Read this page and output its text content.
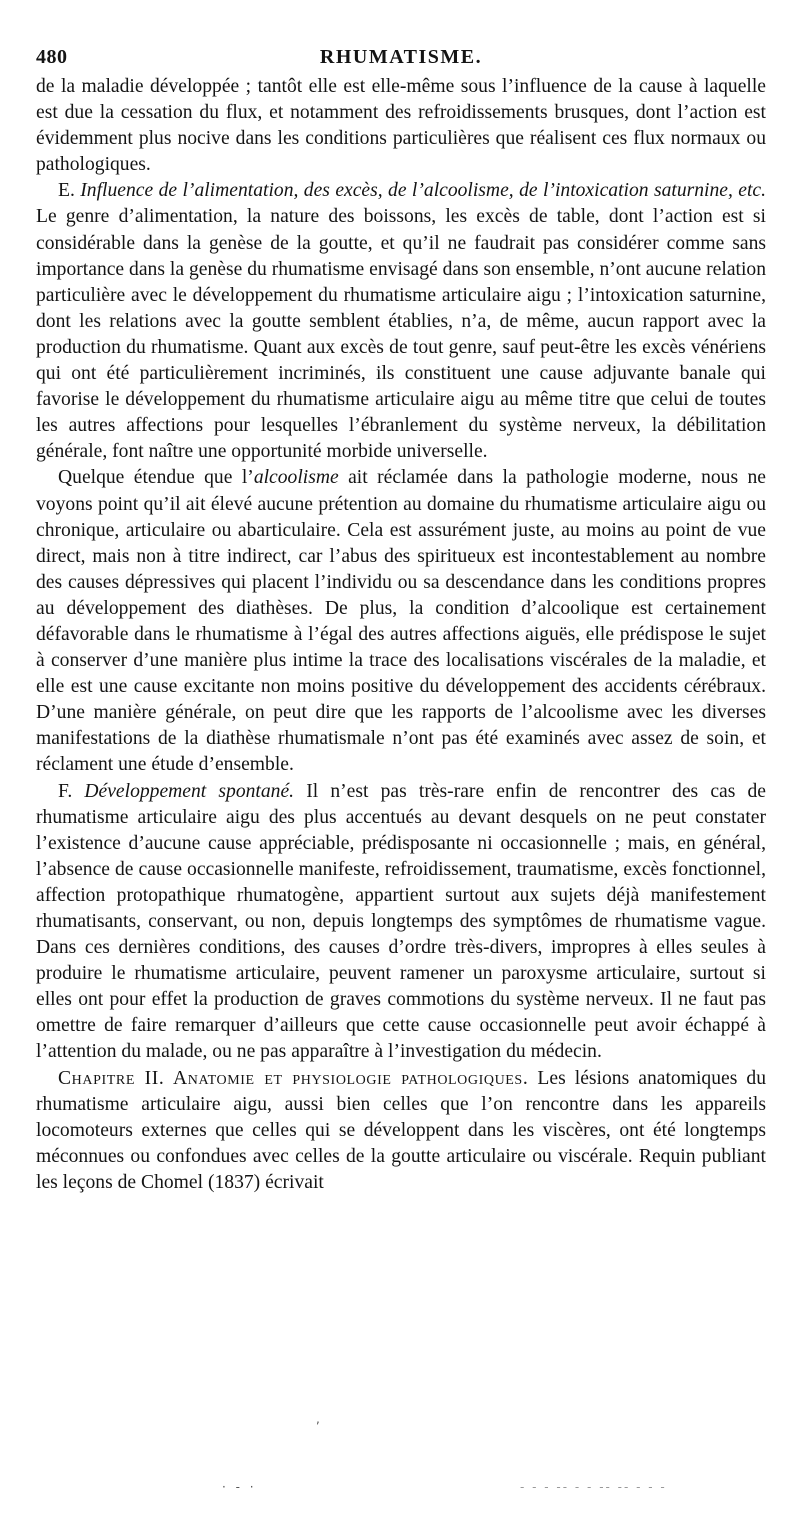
480	RHUMATISME.

de la maladie développée ; tantôt elle est elle-même sous l’influence de la cause à laquelle est due la cessation du flux, et notamment des refroidissements brusques, dont l’action est évidemment plus nocive dans les conditions particulières que réalisent ces flux normaux ou pathologiques.

E. Influence de l’alimentation, des excès, de l’alcoolisme, de l’intoxication saturnine, etc. Le genre d’alimentation, la nature des boissons, les excès de table, dont l’action est si considérable dans la genèse de la goutte, et qu’il ne faudrait pas considérer comme sans importance dans la genèse du rhumatisme envisagé dans son ensemble, n’ont aucune relation particulière avec le développement du rhumatisme articulaire aigu ; l’intoxication saturnine, dont les relations avec la goutte semblent établies, n’a, de même, aucun rapport avec la production du rhumatisme. Quant aux excès de tout genre, sauf peut-être les excès vénériens qui ont été particulièrement incriminés, ils constituent une cause adjuvante banale qui favorise le développement du rhumatisme articulaire aigu au même titre que celui de toutes les autres affections pour lesquelles l’ébranlement du système nerveux, la débilitation générale, font naître une opportunité morbide universelle.

Quelque étendue que l’alcoolisme ait réclamée dans la pathologie moderne, nous ne voyons point qu’il ait élevé aucune prétention au domaine du rhumatisme articulaire aigu ou chronique, articulaire ou abarticulaire. Cela est assurément juste, au moins au point de vue direct, mais non à titre indirect, car l’abus des spiritueux est incontestablement au nombre des causes dépressives qui placent l’individu ou sa descendance dans les conditions propres au développement des diathèses. De plus, la condition d’alcoolique est certainement défavorable dans le rhumatisme à l’égal des autres affections aiguës, elle prédispose le sujet à conserver d’une manière plus intime la trace des localisations viscérales de la maladie, et elle est une cause excitante non moins positive du développement des accidents cérébraux. D’une manière générale, on peut dire que les rapports de l’alcoolisme avec les diverses manifestations de la diathèse rhumatismale n’ont pas été examinés avec assez de soin, et réclament une étude d’ensemble.

F. Développement spontané. Il n’est pas très-rare enfin de rencontrer des cas de rhumatisme articulaire aigu des plus accentués au devant desquels on ne peut constater l’existence d’aucune cause appréciable, prédisposante ni occasionnelle ; mais, en général, l’absence de cause occasionnelle manifeste, refroidissement, traumatisme, excès fonctionnel, affection protopathique rhumatogène, appartient surtout aux sujets déjà manifestement rhumatisants, conservant, ou non, depuis longtemps des symptômes de rhumatisme vague. Dans ces dernières conditions, des causes d’ordre très-divers, impropres à elles seules à produire le rhumatisme articulaire, peuvent ramener un paroxysme articulaire, surtout si elles ont pour effet la production de graves commotions du système nerveux. Il ne faut pas omettre de faire remarquer d’ailleurs que cette cause occasionnelle peut avoir échappé à l’attention du malade, ou ne pas apparaître à l’investigation du médecin.

Chapitre II. Anatomie et physiologie pathologiques. Les lésions anatomiques du rhumatisme articulaire aigu, aussi bien celles que l’on rencontre dans les appareils locomoteurs externes que celles qui se développent dans les viscères, ont été longtemps méconnues ou confondues avec celles de la goutte articulaire ou viscérale. Requin publiant les leçons de Chomel (1837) écrivait

,
· - ·	- - - -- - - -- -- - - -
